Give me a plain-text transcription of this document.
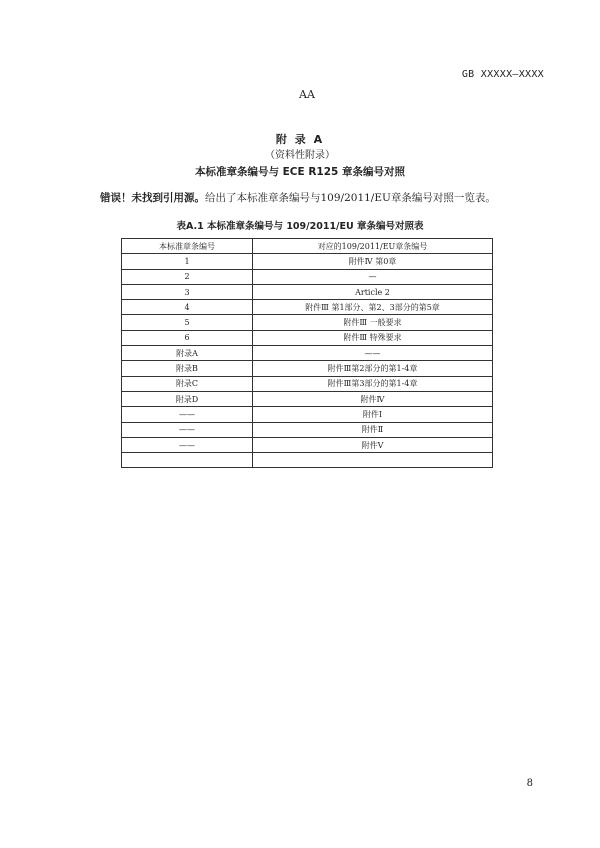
GB XXXXX—XXXX
AA
附 录 A
（资料性附录）
本标准章条编号与 ECE R125 章条编号对照
错误！未找到引用源。给出了本标准章条编号与109/2011/EU章条编号对照一览表。
表A.1 本标准章条编号与 109/2011/EU 章条编号对照表
本标准章条编号	对应的109/2011/EU章条编号
1	附件Ⅳ 第0章
2	—
3	Article 2
4	附件Ⅲ 第1部分、第2、3部分的第5章
5	附件Ⅲ 一般要求
6	附件Ⅲ 特殊要求
附录A	——
附录B	附件Ⅲ第2部分的第1-4章
附录C	附件Ⅲ第3部分的第1-4章
附录D	附件Ⅳ
——	附件Ⅰ
——	附件Ⅱ
——	附件Ⅴ

8
